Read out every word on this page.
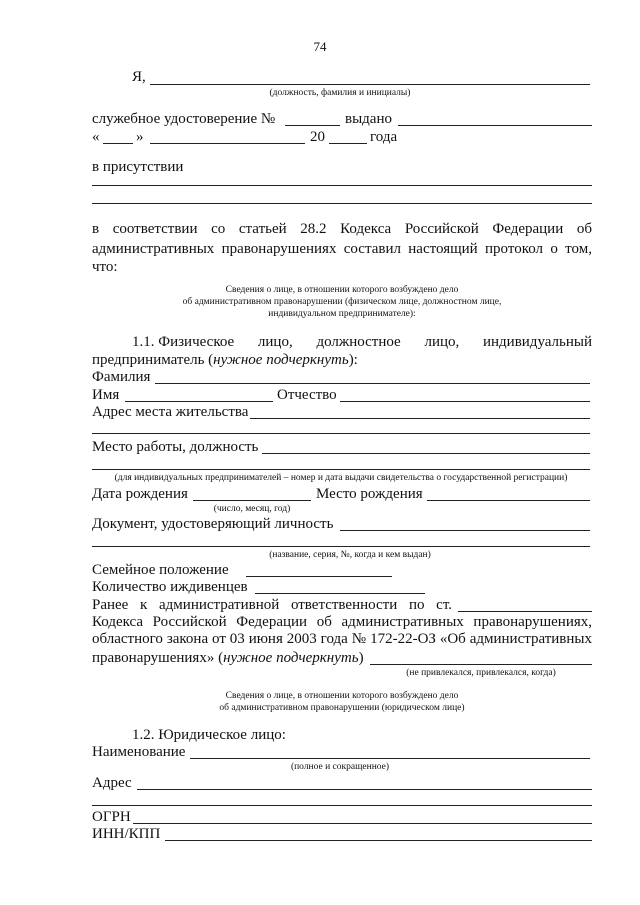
74
Я,
(должность, фамилия и инициалы)
служебное удостоверение №	выдано
« »	20	года
в присутствии
в соответствии со статьей 28.2 Кодекса Российской Федерации об
административных правонарушениях составил настоящий протокол о том,
что:
Сведения о лице, в отношении которого возбуждено дело
об административном правонарушении (физическом лице, должностном лице,
индивидуальном предпринимателе):
1.1. Физическое лицо, должностное лицо, индивидуальный
предприниматель (нужное подчеркнуть):
Фамилия
Имя	Отчество
Адрес места жительства
Место работы, должность
(для индивидуальных предпринимателей – номер и дата выдачи свидетельства о государственной регистрации)
Дата рождения	Место рождения
(число, месяц, год)
Документ, удостоверяющий личность
(название, серия, №, когда и кем выдан)
Семейное положение
Количество иждивенцев
Ранее к административной ответственности по ст.
Кодекса Российской Федерации об административных правонарушениях,
областного закона от 03 июня 2003 года № 172-22-ОЗ «Об административных
правонарушениях» (нужное подчеркнуть)
(не привлекался, привлекался, когда)
Сведения о лице, в отношении которого возбуждено дело
об административном правонарушении (юридическом лице)
1.2. Юридическое лицо:
Наименование
(полное и сокращенное)
Адрес
ОГРН
ИНН/КПП
